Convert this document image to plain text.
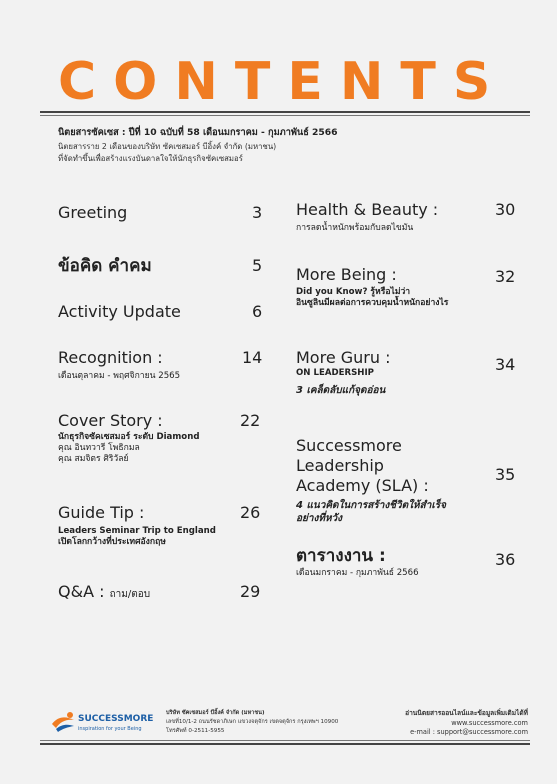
CONTENTS
นิตยสารซัคเซส : ปีที่ 10 ฉบับที่ 58 เดือนมกราคม - กุมภาพันธ์ 2566
นิตยสารราย 2 เดือนของบริษัท ซัคเซสมอร์ บีอิ้งค์ จำกัด (มหาชน)
ที่จัดทำขึ้นเพื่อสร้างแรงบันดาลใจให้นักธุรกิจซัคเซสมอร์
Greeting	3
ข้อคิด คำคม	5
Activity Update	6
Recognition :
เดือนตุลาคม - พฤศจิกายน 2565
14
Cover Story :
นักธุรกิจซัคเซสมอร์ ระดับ Diamond
คุณ อินทวารี โพธิกมล
คุณ สมจิตร ศิริวัลย์
22
Guide Tip :
Leaders Seminar Trip to England
เปิดโลกกว้างที่ประเทศอังกฤษ
26
Q&A : ถาม/ตอบ	29
Health & Beauty :
การลดน้ำหนักพร้อมกับลดไขมัน
30
More Being :
Did you Know? รู้หรือไม่ว่า
อินซูลินมีผลต่อการควบคุมน้ำหนักอย่างไร
32
More Guru :
ON LEADERSHIP
3 เคล็ดลับแก้จุดอ่อน
34
Successmore
Leadership
Academy (SLA) :
4 แนวคิดในการสร้างชีวิตให้สำเร็จ
อย่างที่หวัง
35
ตารางงาน :
เดือนมกราคม - กุมภาพันธ์ 2566
36
SUCCESSMORE
inspiration for your Being
บริษัท ซัคเซสมอร์ บีอิ้งค์ จำกัด (มหาชน)
เลขที่10/1-2 ถนนรัชดาภิเษก แขวงจตุจักร เขตจตุจักร กรุงเทพฯ 10900
โทรศัพท์ 0-2511-5955
อ่านนิตยสารออนไลน์และข้อมูลเพิ่มเติมได้ที่
www.successmore.com
e-mail : support@successmore.com
